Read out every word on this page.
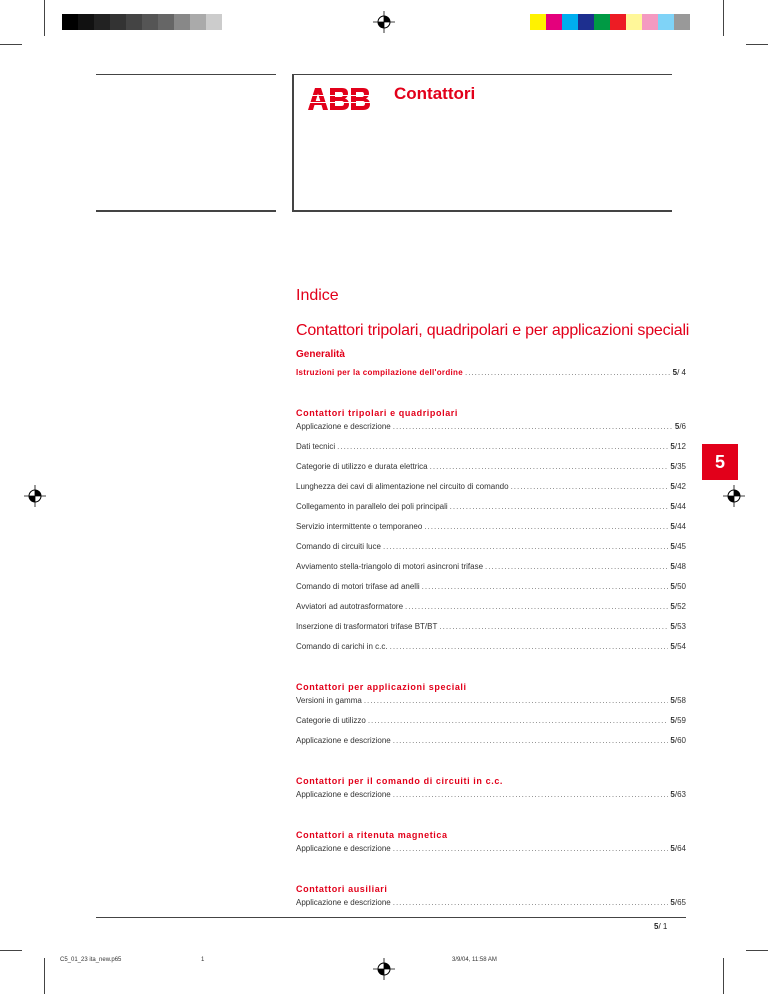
Contattori
Indice
Contattori tripolari, quadripolari e per applicazioni speciali
Generalità
Istruzioni per la compilazione dell'ordine .....	5/ 4
Contattori tripolari e quadripolari
Applicazione e descrizione .....	5/6
Dati tecnici .....	5/12
Categorie di utilizzo e durata elettrica .....	5/35
Lunghezza dei cavi di alimentazione nel circuito di comando .....	5/42
Collegamento in parallelo dei poli principali .....	5/44
Servizio intermittente o temporaneo .....	5/44
Comando di circuiti luce .....	5/45
Avviamento stella-triangolo di motori asincroni trifase .....	5/48
Comando di motori trifase ad anelli .....	5/50
Avviatori ad autotrasformatore .....	5/52
Inserzione di trasformatori trifase BT/BT .....	5/53
Comando di carichi in c.c. .....	5/54
Contattori per applicazioni speciali
Versioni in gamma .....	5/58
Categorie di utilizzo .....	5/59
Applicazione e descrizione .....	5/60
Contattori per il comando di circuiti in c.c.
Applicazione e descrizione .....	5/63
Contattori a ritenuta magnetica
Applicazione e descrizione .....	5/64
Contattori ausiliari
Applicazione e descrizione .....	5/65
5
5/ 1
C5_01_23 ita_new.p65	1	3/9/04, 11:58 AM
